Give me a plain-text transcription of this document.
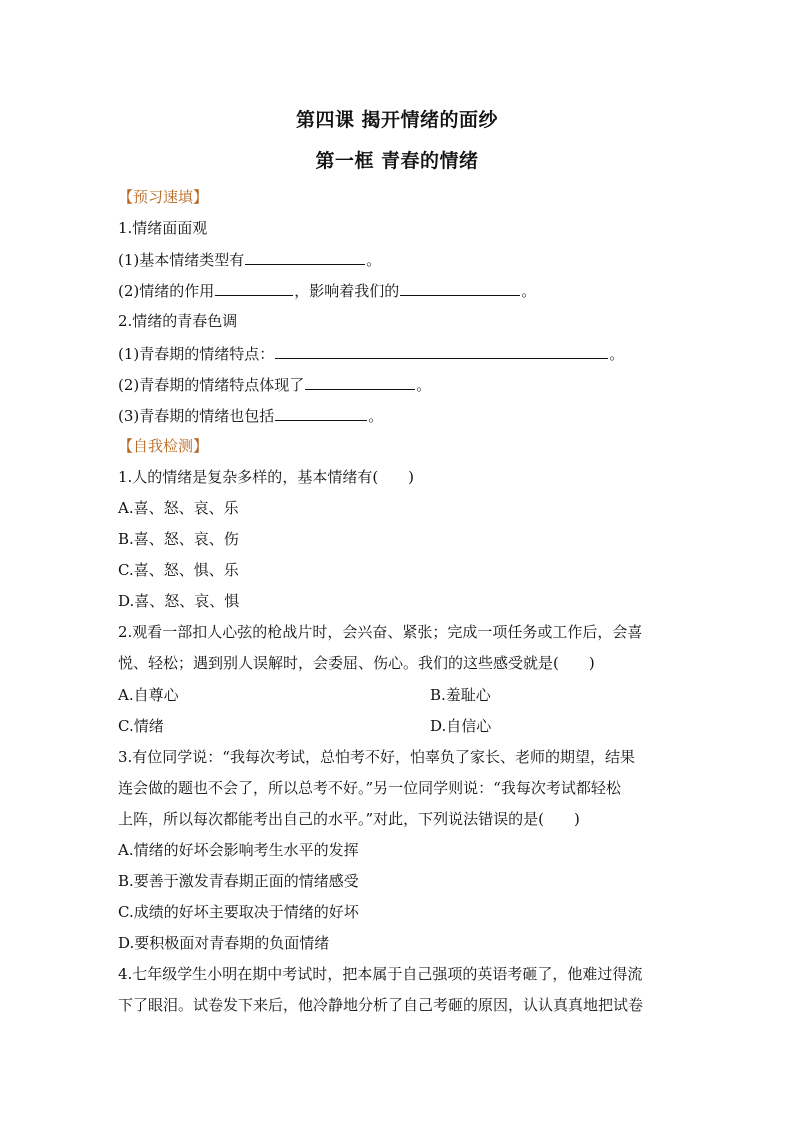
第四课 揭开情绪的面纱
第一框 青春的情绪
【预习速填】
1.情绪面面观
(1)基本情绪类型有	。
(2)情绪的作用	，影响着我们的	。
2.情绪的青春色调
(1)青春期的情绪特点：	。
(2)青春期的情绪特点体现了	。
(3)青春期的情绪也包括	。
【自我检测】
1.人的情绪是复杂多样的，基本情绪有(　　)
A.喜、怒、哀、乐
B.喜、怒、哀、伤
C.喜、怒、惧、乐
D.喜、怒、哀、惧
2.观看一部扣人心弦的枪战片时，会兴奋、紧张；完成一项任务或工作后，会喜
悦、轻松；遇到别人误解时，会委屈、伤心。我们的这些感受就是(　　)
A.自尊心	B.羞耻心
C.情绪	D.自信心
3.有位同学说：“我每次考试，总怕考不好，怕辜负了家长、老师的期望，结果
连会做的题也不会了，所以总考不好。”另一位同学则说：“我每次考试都轻松
上阵，所以每次都能考出自己的水平。”对此，下列说法错误的是(　　)
A.情绪的好坏会影响考生水平的发挥
B.要善于激发青春期正面的情绪感受
C.成绩的好坏主要取决于情绪的好坏
D.要积极面对青春期的负面情绪
4.七年级学生小明在期中考试时，把本属于自己强项的英语考砸了，他难过得流
下了眼泪。试卷发下来后，他冷静地分析了自己考砸的原因，认认真真地把试卷
